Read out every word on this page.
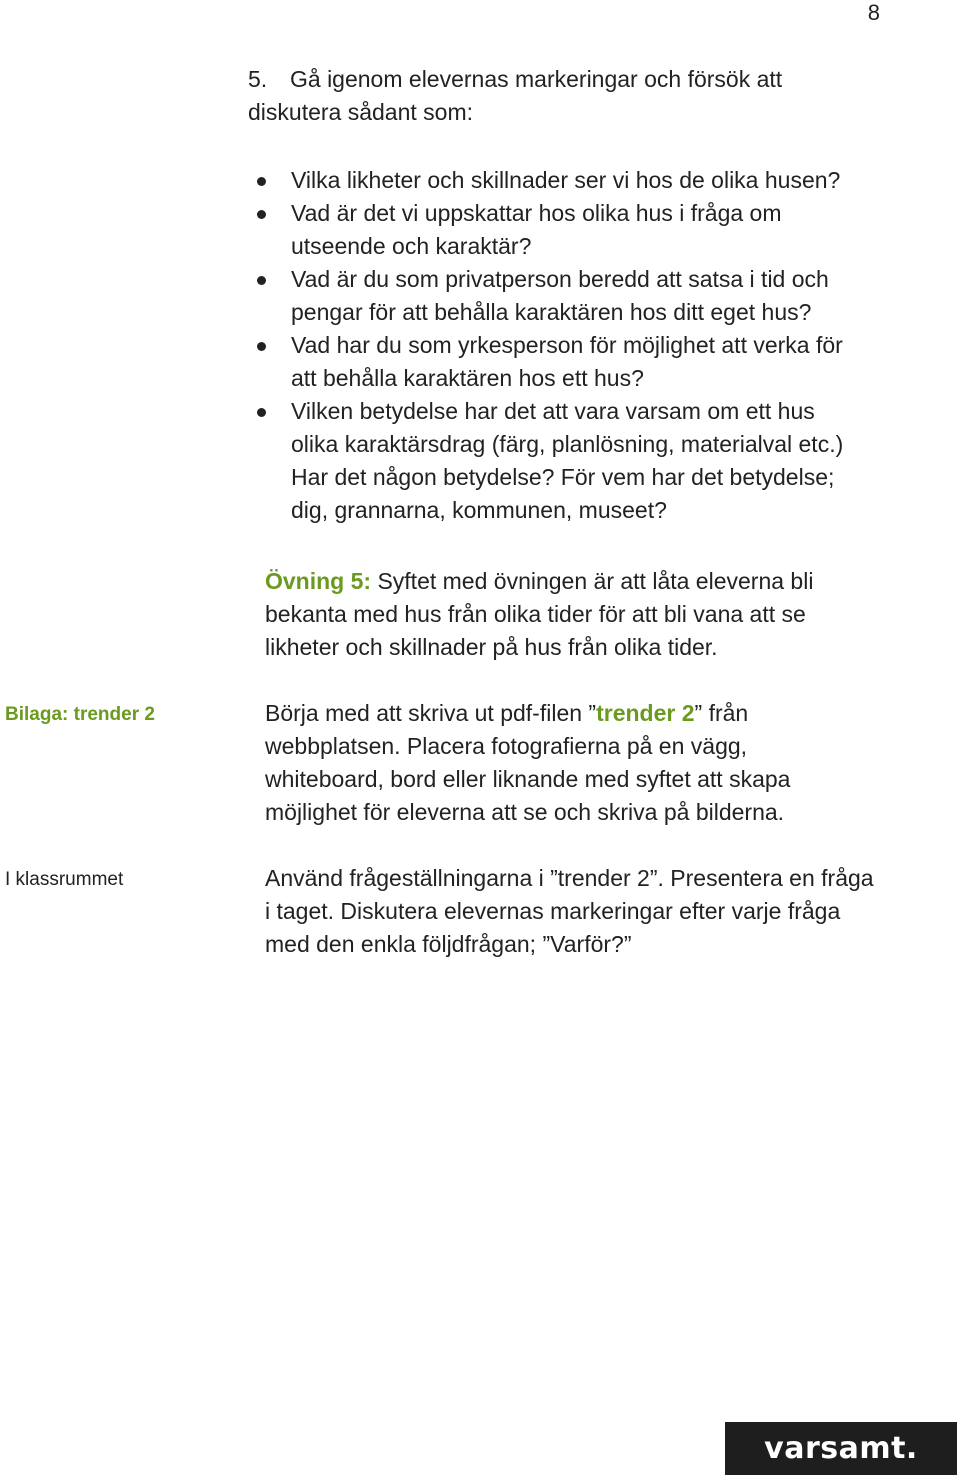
8
5. Gå igenom elevernas markeringar och försök att
diskutera sådant som:
Vilka likheter och skillnader ser vi hos de olika husen?
Vad är det vi uppskattar hos olika hus i fråga om utseende och karaktär?
Vad är du som privatperson beredd att satsa i tid och pengar för att behålla karaktären hos ditt eget hus?
Vad har du som yrkesperson för möjlighet att verka för att behålla karaktären hos ett hus?
Vilken betydelse har det att vara varsam om ett hus olika karaktärsdrag (färg, planlösning, materialval etc.) Har det någon betydelse? För vem har det betydelse; dig, grannarna, kommunen, museet?
Övning 5: Syftet med övningen är att låta eleverna bli bekanta med hus från olika tider för att bli vana att se likheter och skillnader på hus från olika tider.
Bilaga: trender 2	Börja med att skriva ut pdf-filen ”trender 2” från webbplatsen. Placera fotografierna på en vägg, whiteboard, bord eller liknande med syftet att skapa möjlighet för eleverna att se och skriva på bilderna.
I klassrummet	Använd frågeställningarna i ”trender 2”. Presentera en fråga i taget. Diskutera elevernas markeringar efter varje fråga med den enkla följdfrågan; ”Varför?”
varsamt.
